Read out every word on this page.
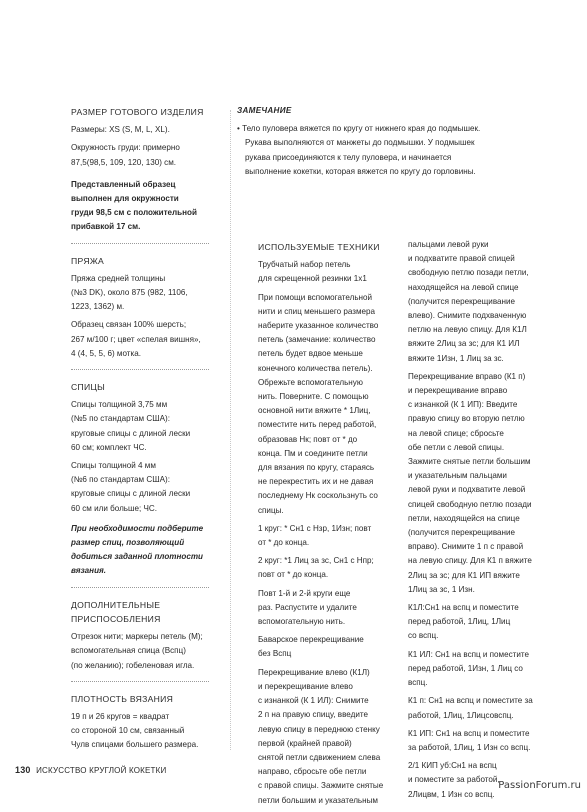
ЗАМЕЧАНИЕ

• Тело пуловера вяжется по кругу от нижнего края до подмышек.
Рукава выполняются от манжеты до подмышки. У подмышек
рукава присоединяются к телу пуловера, и начинается
выполнение кокетки, которая вяжется по кругу до горловины.

РАЗМЕР ГОТОВОГО ИЗДЕЛИЯ

Размеры: XS (S, M, L, XL).

Окружность груди: примерно
87,5(98,5, 109, 120, 130) см.

Представленный образец
выполнен для окружности
груди 98,5 см с положительной
прибавкой 17 см.

ПРЯЖА

Пряжа средней толщины
(№3 DK), около 875 (982, 1106,
1223, 1362) м.

Образец связан 100% шерсть;
267 м/100 г; цвет «спелая вишня»,
4 (4, 5, 5, 6) мотка.

СПИЦЫ

Спицы толщиной 3,75 мм
(№5 по стандартам США):
круговые спицы с длиной лески
60 см; комплект ЧС.

Спицы толщиной 4 мм
(№6 по стандартам США):
круговые спицы с длиной лески
60 см или больше; ЧС.

При необходимости подберите
размер спиц, позволяющий
добиться заданной плотности
вязания.

ДОПОЛНИТЕЛЬНЫЕ
ПРИСПОСОБЛЕНИЯ

Отрезок нити; маркеры петель (М);
вспомогательная спица (Вспц)
(по желанию); гобеленовая игла.

ПЛОТНОСТЬ ВЯЗАНИЯ

19 п и 26 кругов = квадрат
со стороной 10 см, связанный
Чулв спицами большего размера.

ИСПОЛЬЗУЕМЫЕ ТЕХНИКИ

Трубчатый набор петель
для скрещенной резинки 1х1

При помощи вспомогательной
нити и спиц меньшего размера
наберите указанное количество
петель (замечание: количество
петель будет вдвое меньше
конечного количества петель).
Обрежьте вспомогательную
нить. Поверните. С помощью
основной нити вяжите * 1Лиц,
поместите нить перед работой,
образовав Нк; повт от * до
конца. Пм и соедините петли
для вязания по кругу, стараясь
не перекрестить их и не давая
последнему Нк соскользнуть со
спицы.

1 круг: * Сн1 с Нзр, 1Изн; повт
от * до конца.

2 круг: *1 Лиц за зс, Сн1 с Нпр;
повт от * до конца.

Повт 1-й и 2-й круги еще
раз. Распустите и удалите
вспомогательную нить.

Баварское перекрещивание
без Вспц

Перекрещивание влево (К1Л)
и перекрещивание влево
с изнанкой (К 1 ИЛ): Снимите
2 п на правую спицу, введите
левую спицу в переднюю стенку
первой (крайней правой)
снятой петли сдвижением слева
направо, сбросьте обе петли
с правой спицы. Зажмите снятые
петли большим и указательным

пальцами левой руки
и подхватите правой спицей
свободную петлю позади петли,
находящейся на левой спице
(получится перекрещивание
влево). Снимите подхваченную
петлю на левую спицу. Для К1Л
вяжите 2Лиц за зс; для К1 ИЛ
вяжите 1Изн, 1 Лиц за зс.

Перекрещивание вправо (К1 п)
и перекрещивание вправо
с изнанкой (К 1 ИП): Введите
правую спицу во вторую петлю
на левой спице; сбросьте
обе петли с левой спицы.
Зажмите снятые петли большим
и указательным пальцами
левой руки и подхватите левой
спицей свободную петлю позади
петли, находящейся на спице
(получится перекрещивание
вправо). Снимите 1 п с правой
на левую спицу. Для К1 п вяжите
2Лиц за зс; для К1 ИП вяжите
1Лиц за зс, 1 Изн.

К1Л:Сн1 на вспц и поместите
перед работой, 1Лиц, 1Лиц
со вспц.

К1 ИЛ: Сн1 на вспц и поместите
перед работой, 1Изн, 1 Лиц со
вспц.

К1 п: Сн1 на вспц и поместите за
работой, 1Лиц, 1Лицсовспц.

К1 ИП: Сн1 на вспц и поместите
за работой, 1Лиц, 1 Изн со вспц.

2/1 КИП уб:Сн1 на вспц
и поместите за работой,
2Лицвм, 1 Изн со вспц.

130 ИСКУССТВО КРУГЛОЙ КОКЕТКИ
PassionForum.ru
